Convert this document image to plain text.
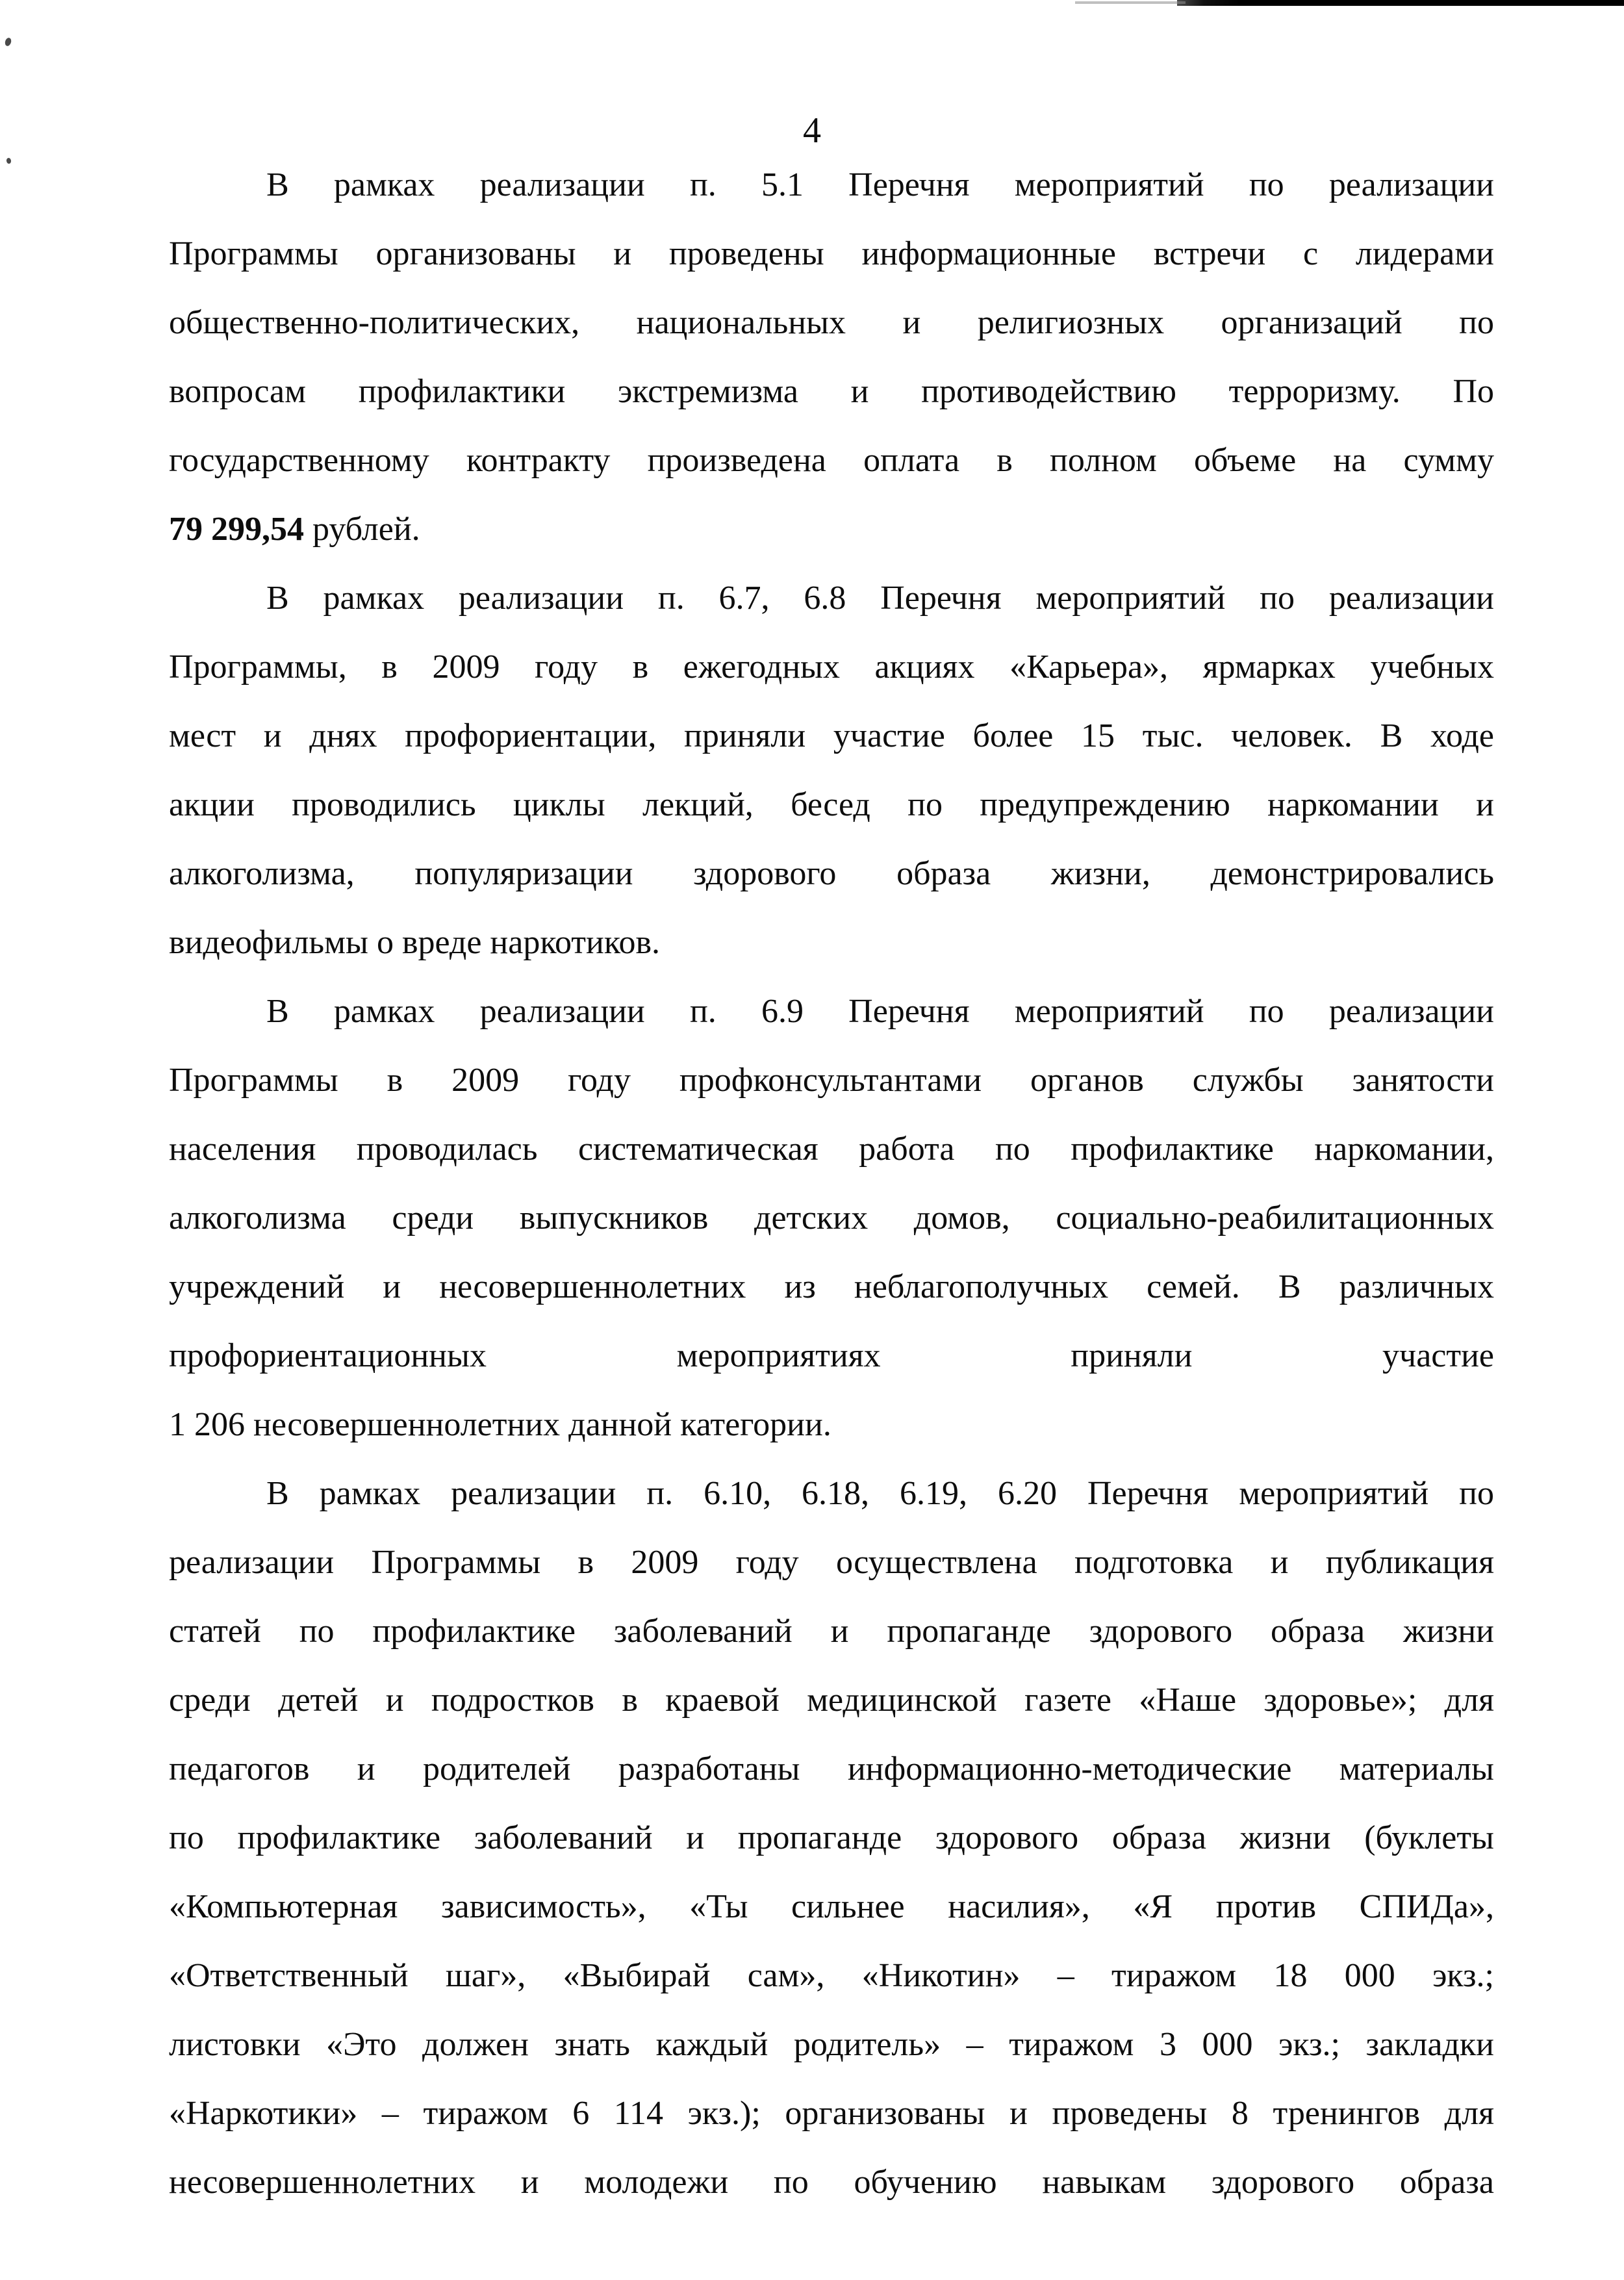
4
В рамках реализации п. 5.1 Перечня мероприятий по реализации
Программы организованы и проведены информационные встречи с лидерами
общественно-политических, национальных и религиозных организаций по
вопросам профилактики экстремизма и противодействию терроризму. По
государственному контракту произведена оплата в полном объеме на сумму
79 299,54 рублей.
В рамках реализации п. 6.7, 6.8 Перечня мероприятий по реализации
Программы, в 2009 году в ежегодных акциях «Карьера», ярмарках учебных
мест и днях профориентации, приняли участие более 15 тыс. человек. В ходе
акции проводились циклы лекций, бесед по предупреждению наркомании и
алкоголизма, популяризации здорового образа жизни, демонстрировались
видеофильмы о вреде наркотиков.
В рамках реализации п. 6.9 Перечня мероприятий по реализации
Программы в 2009 году профконсультантами органов службы занятости
населения проводилась систематическая работа по профилактике наркомании,
алкоголизма среди выпускников детских домов, социально-реабилитационных
учреждений и несовершеннолетних из неблагополучных семей. В различных
профориентационных мероприятиях приняли участие
1 206 несовершеннолетних данной категории.
В рамках реализации п. 6.10, 6.18, 6.19, 6.20 Перечня мероприятий по
реализации Программы в 2009 году осуществлена подготовка и публикация
статей по профилактике заболеваний и пропаганде здорового образа жизни
среди детей и подростков в краевой медицинской газете «Наше здоровье»; для
педагогов и родителей разработаны информационно-методические материалы
по профилактике заболеваний и пропаганде здорового образа жизни (буклеты
«Компьютерная зависимость», «Ты сильнее насилия», «Я против СПИДа»,
«Ответственный шаг», «Выбирай сам», «Никотин» – тиражом 18 000 экз.;
листовки «Это должен знать каждый родитель» – тиражом 3 000 экз.; закладки
«Наркотики» – тиражом 6 114 экз.); организованы и проведены 8 тренингов для
несовершеннолетних и молодежи по обучению навыкам здорового образа
